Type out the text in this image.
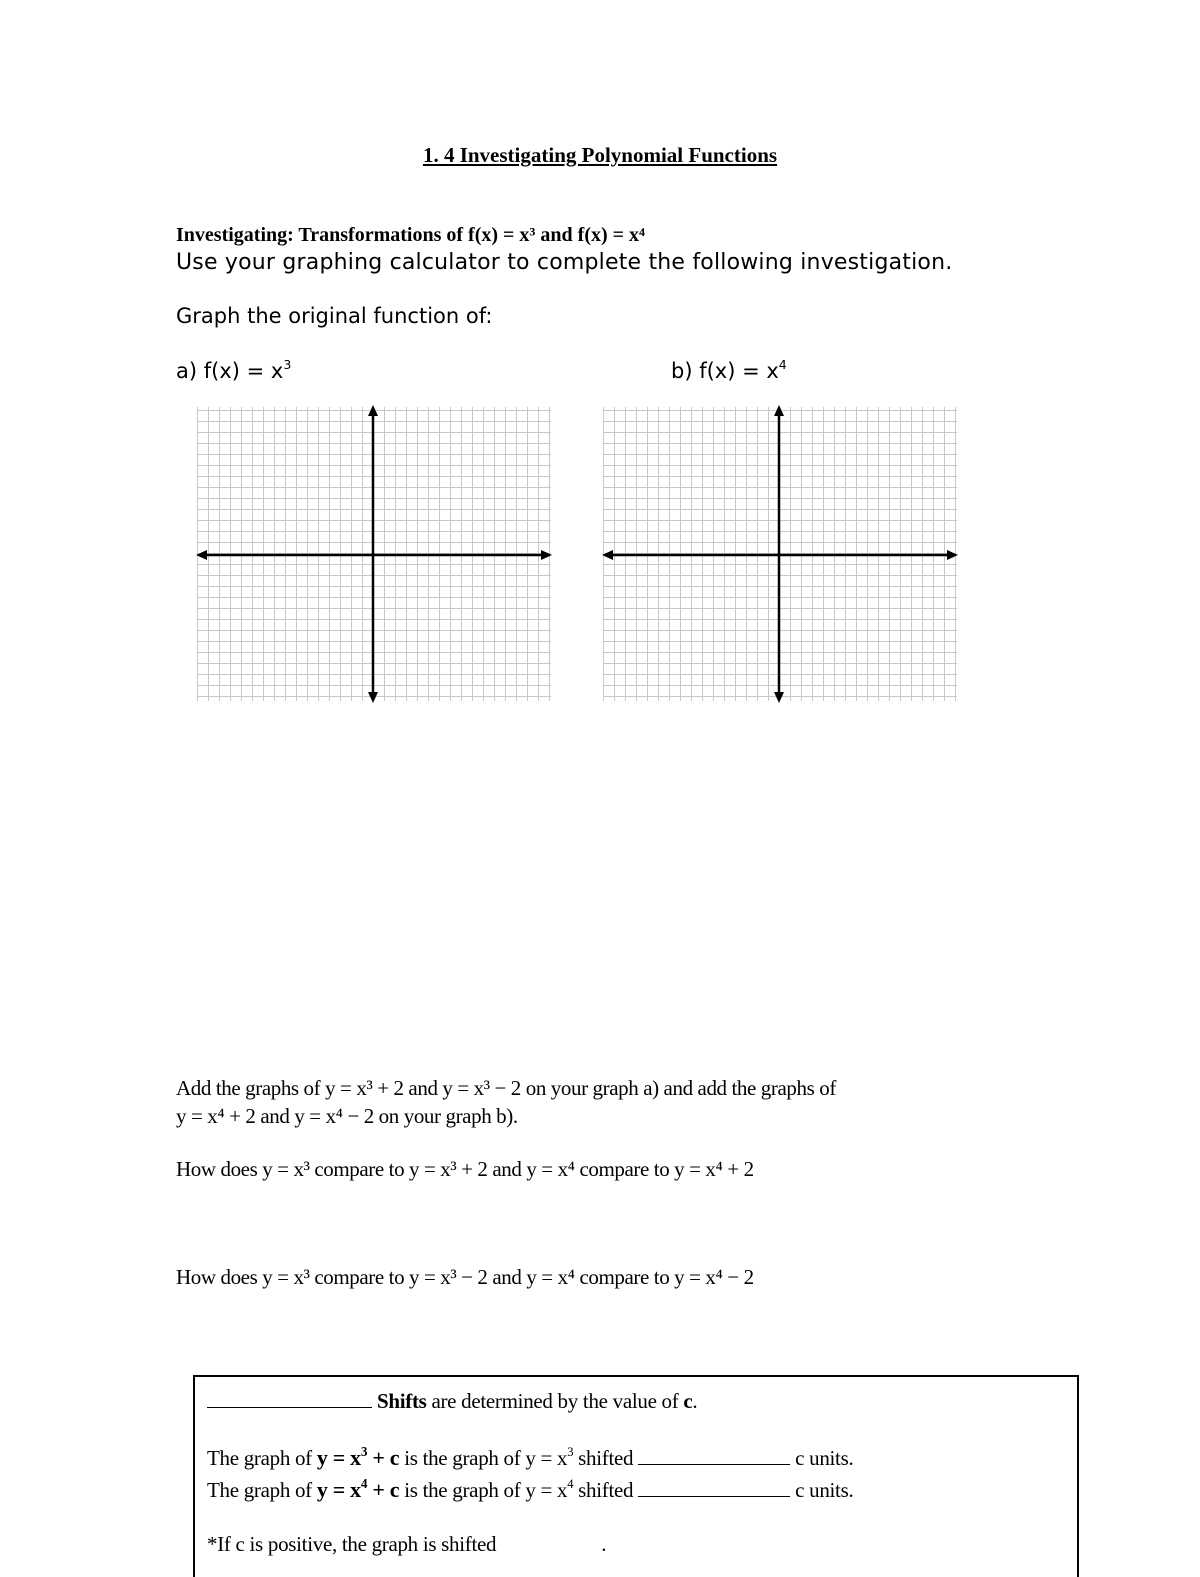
1. 4 Investigating Polynomial Functions
Investigating: Transformations of f(x) = x³ and f(x) = x⁴
Use your graphing calculator to complete the following investigation.
Graph the original function of:
a) $f(x) = x^3$	b) $f(x) = x^4$
Add the graphs of y = x³ + 2 and y = x³ − 2 on your graph a) and add the graphs of
y = x⁴ + 2 and y = x⁴ − 2 on your graph b).
How does y = x³ compare to y = x³ + 2 and y = x⁴ compare to y = x⁴ + 2
How does y = x³ compare to y = x³ − 2 and y = x⁴ compare to y = x⁴ − 2
Shifts are determined by the value of c.
The graph of $y = x^3 + c$ is the graph of $y = x^3$ shifted	c units.
The graph of $y = x^4 + c$ is the graph of $y = x^4$ shifted	c units.
*If c is positive, the graph is shifted	.
